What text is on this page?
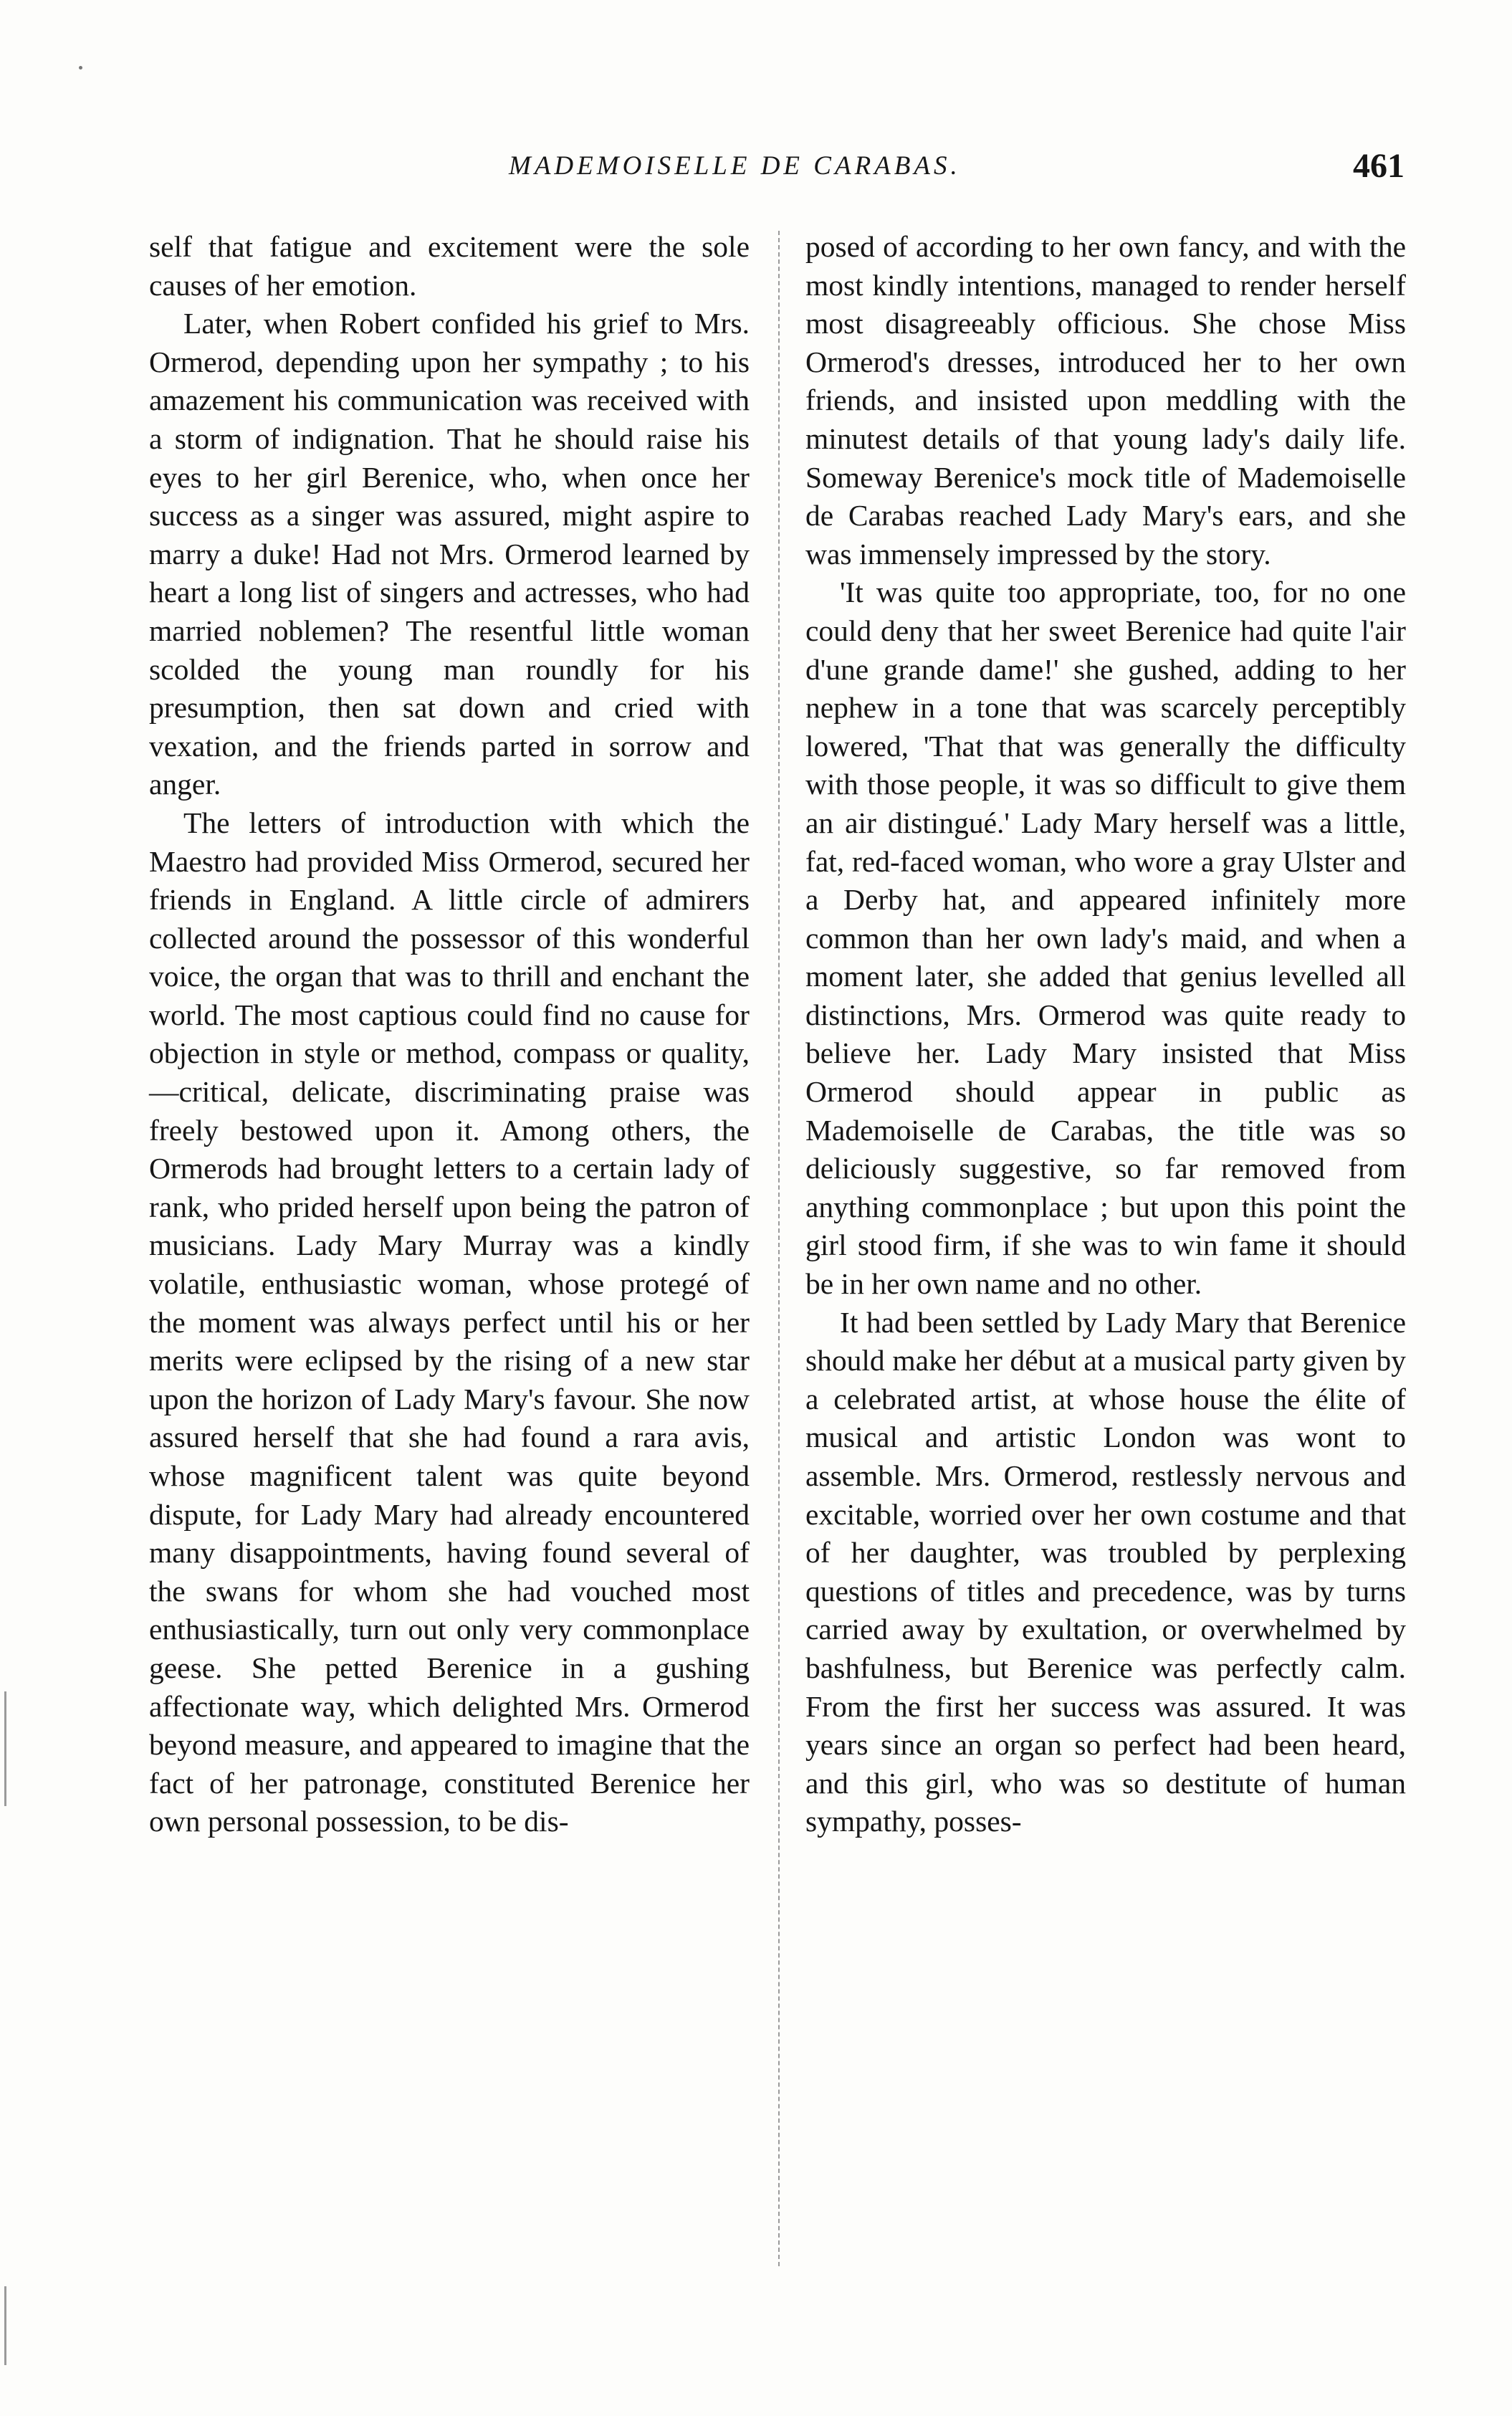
MADEMOISELLE DE CARABAS.	461

self that fatigue and excitement were the sole causes of her emotion.

Later, when Robert confided his grief to Mrs. Ormerod, depending upon her sympathy ; to his amazement his communication was received with a storm of indignation. That he should raise his eyes to her girl Berenice, who, when once her success as a singer was assured, might aspire to marry a duke! Had not Mrs. Ormerod learned by heart a long list of singers and actresses, who had married noblemen? The resentful little woman scolded the young man roundly for his presumption, then sat down and cried with vexation, and the friends parted in sorrow and anger.

The letters of introduction with which the Maestro had provided Miss Ormerod, secured her friends in England. A little circle of admirers collected around the possessor of this wonderful voice, the organ that was to thrill and enchant the world. The most captious could find no cause for objection in style or method, compass or quality,—critical, delicate, discriminating praise was freely bestowed upon it. Among others, the Ormerods had brought letters to a certain lady of rank, who prided herself upon being the patron of musicians. Lady Mary Murray was a kindly volatile, enthusiastic woman, whose protegé of the moment was always perfect until his or her merits were eclipsed by the rising of a new star upon the horizon of Lady Mary's favour. She now assured herself that she had found a rara avis, whose magnificent talent was quite beyond dispute, for Lady Mary had already encountered many disappointments, having found several of the swans for whom she had vouched most enthusiastically, turn out only very commonplace geese. She petted Berenice in a gushing affectionate way, which delighted Mrs. Ormerod beyond measure, and appeared to imagine that the fact of her patronage, constituted Berenice her own personal possession, to be dis-

posed of according to her own fancy, and with the most kindly intentions, managed to render herself most disagreeably officious. She chose Miss Ormerod's dresses, introduced her to her own friends, and insisted upon meddling with the minutest details of that young lady's daily life. Someway Berenice's mock title of Mademoiselle de Carabas reached Lady Mary's ears, and she was immensely impressed by the story.

'It was quite too appropriate, too, for no one could deny that her sweet Berenice had quite l'air d'une grande dame!' she gushed, adding to her nephew in a tone that was scarcely perceptibly lowered, 'That that was generally the difficulty with those people, it was so difficult to give them an air distingué.' Lady Mary herself was a little, fat, red-faced woman, who wore a gray Ulster and a Derby hat, and appeared infinitely more common than her own lady's maid, and when a moment later, she added that genius levelled all distinctions, Mrs. Ormerod was quite ready to believe her. Lady Mary insisted that Miss Ormerod should appear in public as Mademoiselle de Carabas, the title was so deliciously suggestive, so far removed from anything commonplace ; but upon this point the girl stood firm, if she was to win fame it should be in her own name and no other.

It had been settled by Lady Mary that Berenice should make her début at a musical party given by a celebrated artist, at whose house the élite of musical and artistic London was wont to assemble. Mrs. Ormerod, restlessly nervous and excitable, worried over her own costume and that of her daughter, was troubled by perplexing questions of titles and precedence, was by turns carried away by exultation, or overwhelmed by bashfulness, but Berenice was perfectly calm. From the first her success was assured. It was years since an organ so perfect had been heard, and this girl, who was so destitute of human sympathy, posses-
